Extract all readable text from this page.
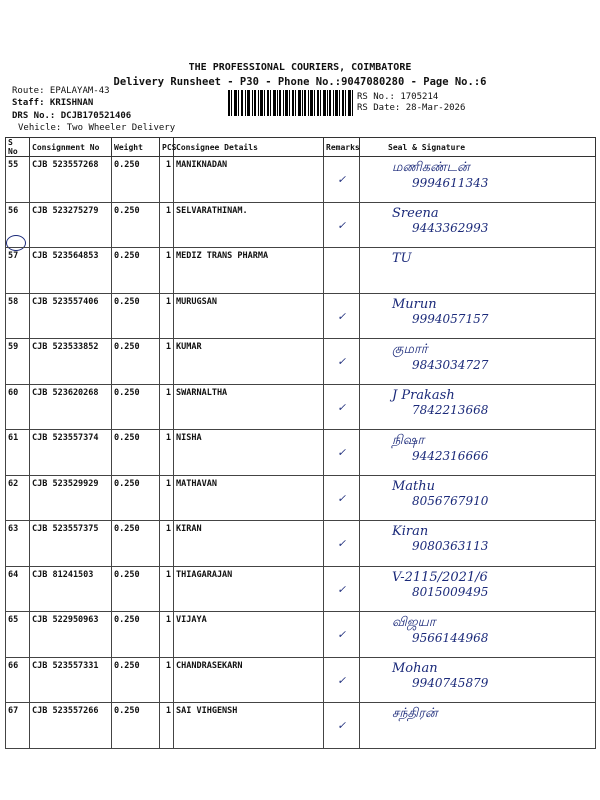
THE PROFESSIONAL COURIERS, COIMBATORE
Delivery Runsheet - P30 - Phone No.:9047080280 - Page No.:6
Route: EPALAYAM-43
Staff: KRISHNAN
DRS No.: DCJB170521406
Vehicle: Two Wheeler Delivery
RS No.: 1705214
RS Date: 28-Mar-2026
S No	Consignment No	Weight	PCS	Consignee Details	Remarks	Seal & Signature
55	CJB 523557268	0.250	1	MANIKNADAN	✓	மணிகண்டன்
9994611343

56	CJB 523275279	0.250	1	SELVARATHINAM.	✓	Sreena
9443362993

57	CJB 523564853	0.250	1	MEDIZ TRANS PHARMA		TU

58	CJB 523557406	0.250	1	MURUGSAN	✓	Murun
9994057157

59	CJB 523533852	0.250	1	KUMAR	✓	குமார்
9843034727

60	CJB 523620268	0.250	1	SWARNALTHA	✓	J Prakash
7842213668

61	CJB 523557374	0.250	1	NISHA	✓	நிஷா
9442316666

62	CJB 523529929	0.250	1	MATHAVAN	✓	Mathu
8056767910

63	CJB 523557375	0.250	1	KIRAN	✓	Kiran
9080363113

64	CJB 81241503	0.250	1	THIAGARAJAN	✓	V-2115/2021/6
8015009495

65	CJB 522950963	0.250	1	VIJAYA	✓	விஜயா
9566144968

66	CJB 523557331	0.250	1	CHANDRASEKARN	✓	Mohan
9940745879

67	CJB 523557266	0.250	1	SAI VIHGENSH	✓	சந்திரன்
